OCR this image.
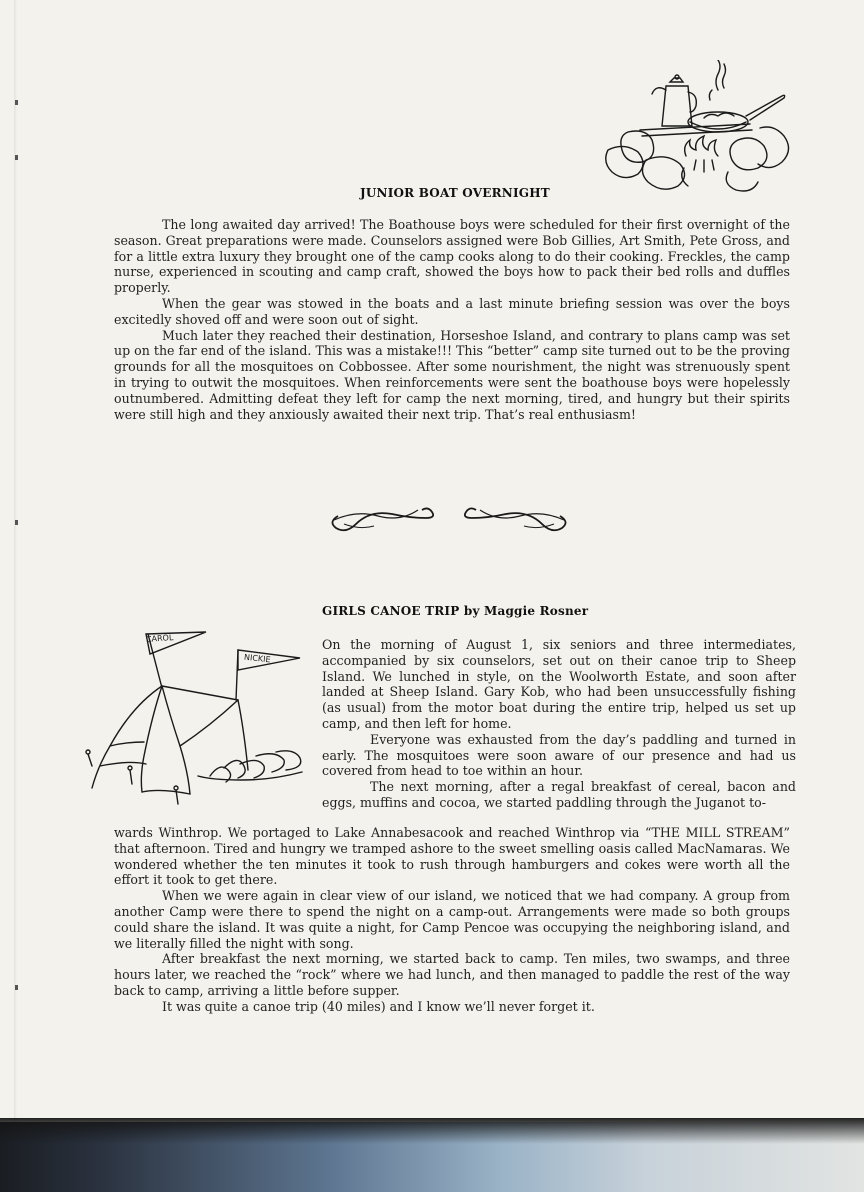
JUNIOR BOAT OVERNIGHT

The long awaited day arrived! The Boathouse boys were scheduled for their first overnight of the season. Great preparations were made. Counselors assigned were Bob Gillies, Art Smith, Pete Gross, and for a little extra luxury they brought one of the camp cooks along to do their cooking. Freckles, the camp nurse, experienced in scouting and camp craft, showed the boys how to pack their bed rolls and duffles properly.

When the gear was stowed in the boats and a last minute briefing session was over the boys excitedly shoved off and were soon out of sight.

Much later they reached their destination, Horseshoe Island, and contrary to plans camp was set up on the far end of the island. This was a mistake!!! This “better” camp site turned out to be the proving grounds for all the mosquitoes on Cobbossee. After some nourishment, the night was strenuously spent in trying to outwit the mosquitoes. When reinforcements were sent the boathouse boys were hopelessly outnumbered. Admitting defeat they left for camp the next morning, tired, and hungry but their spirits were still high and they anxiously awaited their next trip. That’s real enthusiasm!

GIRLS CANOE TRIP by Maggie Rosner
CAROL
NICKIE

On the morning of August 1, six seniors and three intermediates, accompanied by six counselors, set out on their canoe trip to Sheep Island. We lunched in style, on the Woolworth Estate, and soon after landed at Sheep Island. Gary Kob, who had been unsuccessfully fishing (as usual) from the motor boat during the entire trip, helped us set up camp, and then left for home.

Everyone was exhausted from the day’s paddling and turned in early. The mosquitoes were soon aware of our presence and had us covered from head to toe within an hour.

The next morning, after a regal breakfast of cereal, bacon and eggs, muffins and cocoa, we started paddling through the Juganot to-

wards Winthrop. We portaged to Lake Annabesacook and reached Winthrop via “THE MILL STREAM” that afternoon. Tired and hungry we tramped ashore to the sweet smelling oasis called MacNamaras. We wondered whether the ten minutes it took to rush through hamburgers and cokes were worth all the effort it took to get there.

When we were again in clear view of our island, we noticed that we had company. A group from another Camp were there to spend the night on a camp-out. Arrangements were made so both groups could share the island. It was quite a night, for Camp Pencoe was occupying the neighboring island, and we literally filled the night with song.

After breakfast the next morning, we started back to camp. Ten miles, two swamps, and three hours later, we reached the “rock” where we had lunch, and then managed to paddle the rest of the way back to camp, arriving a little before supper.

It was quite a canoe trip (40 miles) and I know we’ll never forget it.
